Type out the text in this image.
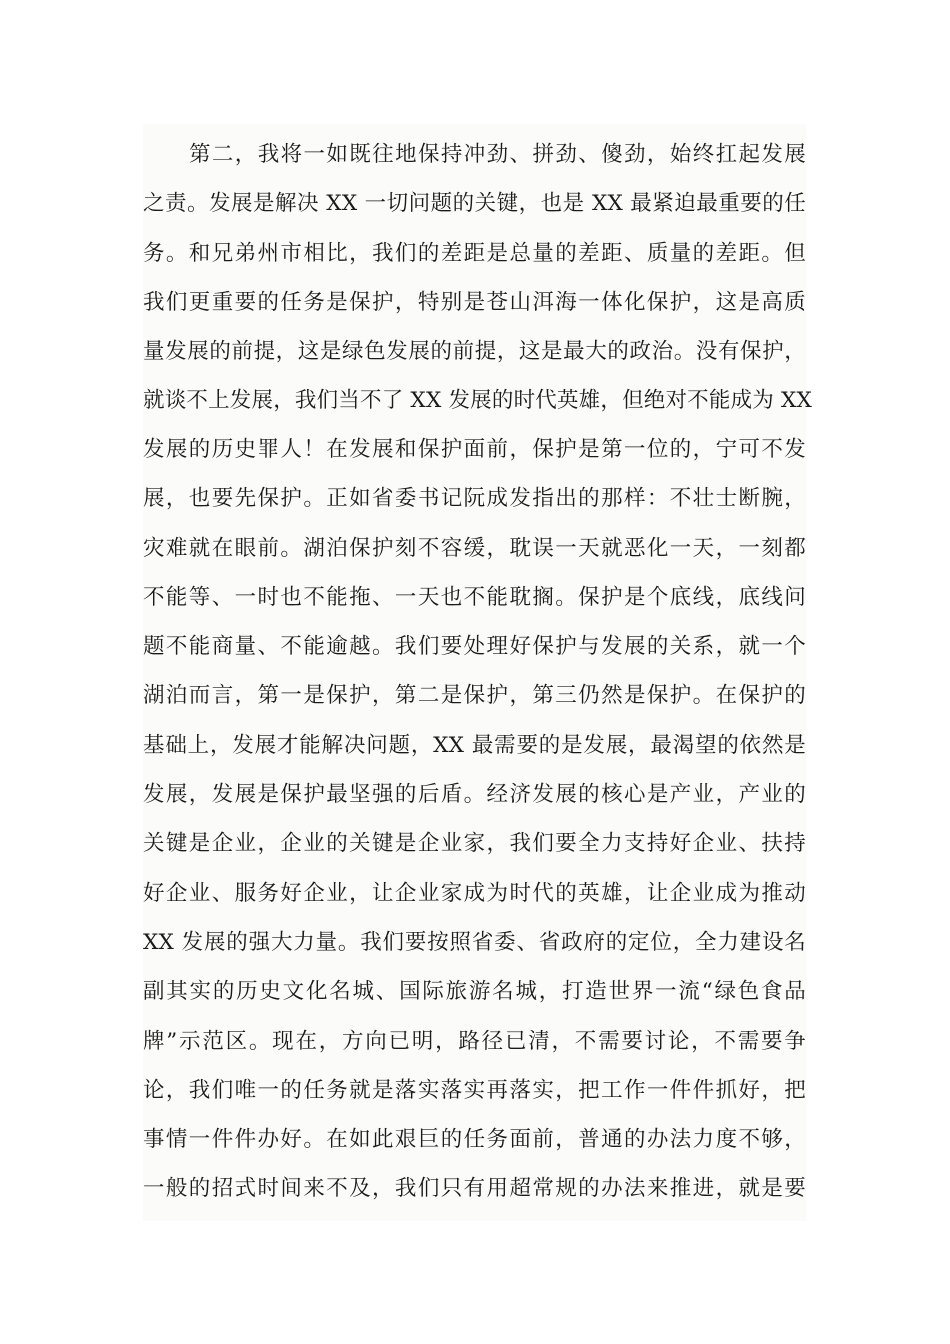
第二，我将一如既往地保持冲劲、拼劲、傻劲，始终扛起发展
之责。发展是解决 XX 一切问题的关键，也是 XX 最紧迫最重要的任
务。和兄弟州市相比，我们的差距是总量的差距、质量的差距。但
我们更重要的任务是保护，特别是苍山洱海一体化保护，这是高质
量发展的前提，这是绿色发展的前提，这是最大的政治。没有保护，
就谈不上发展，我们当不了 XX 发展的时代英雄，但绝对不能成为 XX
发展的历史罪人！在发展和保护面前，保护是第一位的，宁可不发
展，也要先保护。正如省委书记阮成发指出的那样：不壮士断腕，
灾难就在眼前。湖泊保护刻不容缓，耽误一天就恶化一天，一刻都
不能等、一时也不能拖、一天也不能耽搁。保护是个底线，底线问
题不能商量、不能逾越。我们要处理好保护与发展的关系，就一个
湖泊而言，第一是保护，第二是保护，第三仍然是保护。在保护的
基础上，发展才能解决问题，XX 最需要的是发展，最渴望的依然是
发展，发展是保护最坚强的后盾。经济发展的核心是产业，产业的
关键是企业，企业的关键是企业家，我们要全力支持好企业、扶持
好企业、服务好企业，让企业家成为时代的英雄，让企业成为推动
XX 发展的强大力量。我们要按照省委、省政府的定位，全力建设名
副其实的历史文化名城、国际旅游名城，打造世界一流“绿色食品
牌”示范区。现在，方向已明，路径已清，不需要讨论，不需要争
论，我们唯一的任务就是落实落实再落实，把工作一件件抓好，把
事情一件件办好。在如此艰巨的任务面前，普通的办法力度不够，
一般的招式时间来不及，我们只有用超常规的办法来推进，就是要
